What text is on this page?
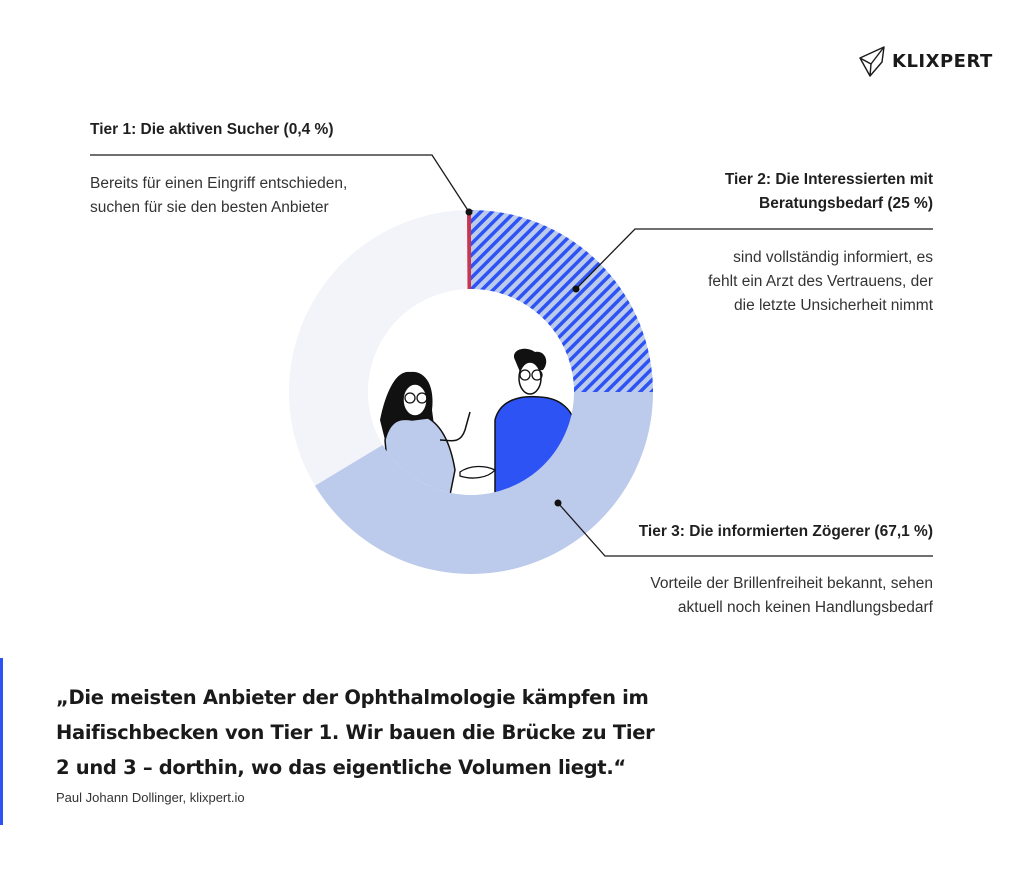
KLIXPERT
Tier 1: Die aktiven Sucher (0,4 %)
Bereits für einen Eingriff entschieden,
suchen für sie den besten Anbieter
Tier 2: Die Interessierten mit
Beratungsbedarf (25 %)
sind vollständig informiert, es
fehlt ein Arzt des Vertrauens, der
die letzte Unsicherheit nimmt
Tier 3: Die informierten Zögerer (67,1 %)
Vorteile der Brillenfreiheit bekannt, sehen
aktuell noch keinen Handlungsbedarf
„Die meisten Anbieter der Ophthalmologie kämpfen im
Haifischbecken von Tier 1. Wir bauen die Brücke zu Tier
2 und 3 – dorthin, wo das eigentliche Volumen liegt.“
Paul Johann Dollinger, klixpert.io
